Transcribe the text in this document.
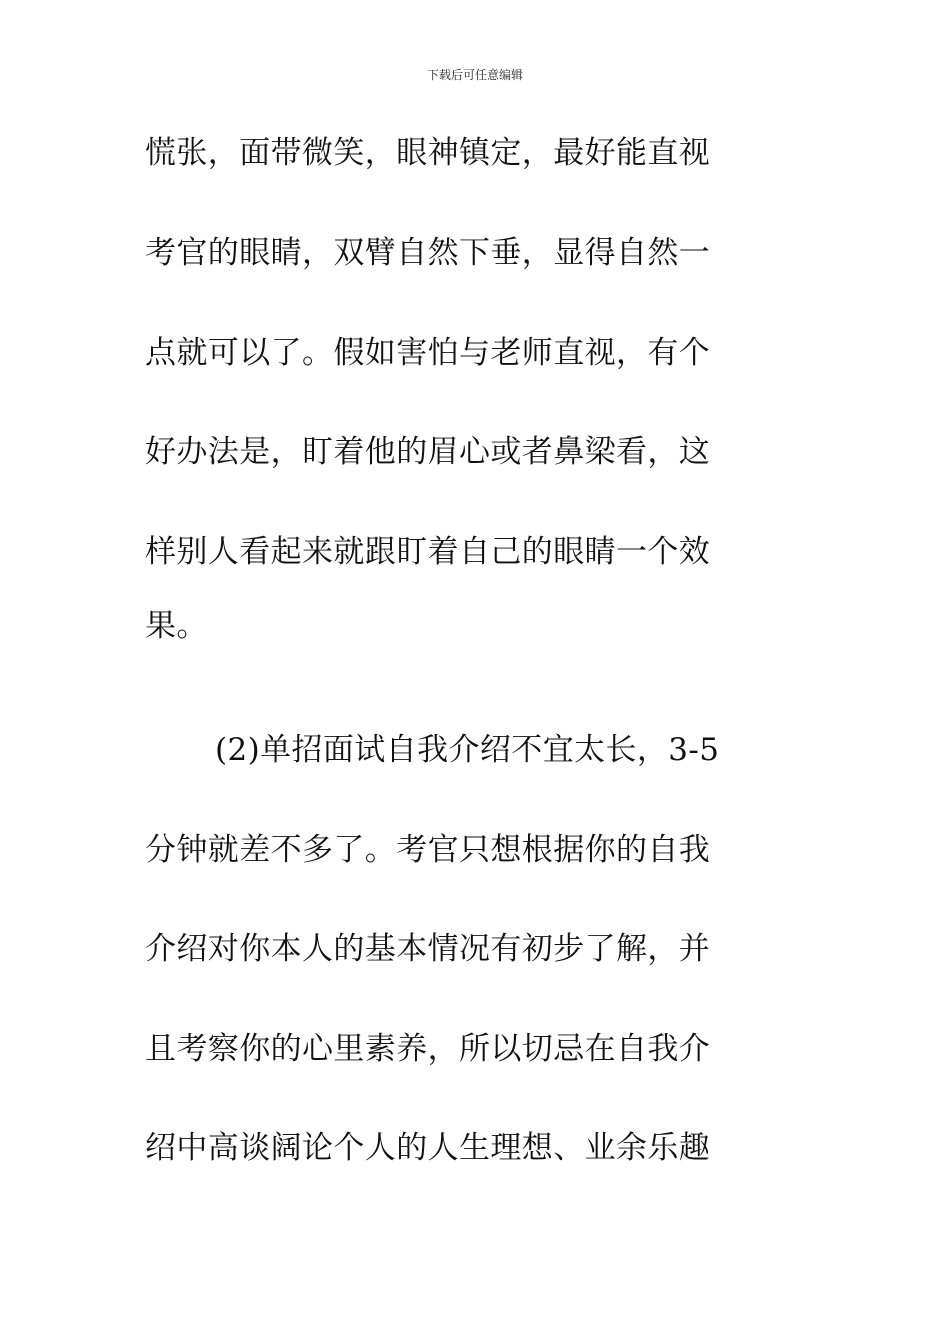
下载后可任意编辑
慌张，面带微笑，眼神镇定，最好能直视
考官的眼睛，双臂自然下垂，显得自然一
点就可以了。假如害怕与老师直视，有个
好办法是，盯着他的眉心或者鼻梁看，这
样别人看起来就跟盯着自己的眼睛一个效
果。
(2)单招面试自我介绍不宜太长，3-5
分钟就差不多了。考官只想根据你的自我
介绍对你本人的基本情况有初步了解，并
且考察你的心里素养，所以切忌在自我介
绍中高谈阔论个人的人生理想、业余乐趣
